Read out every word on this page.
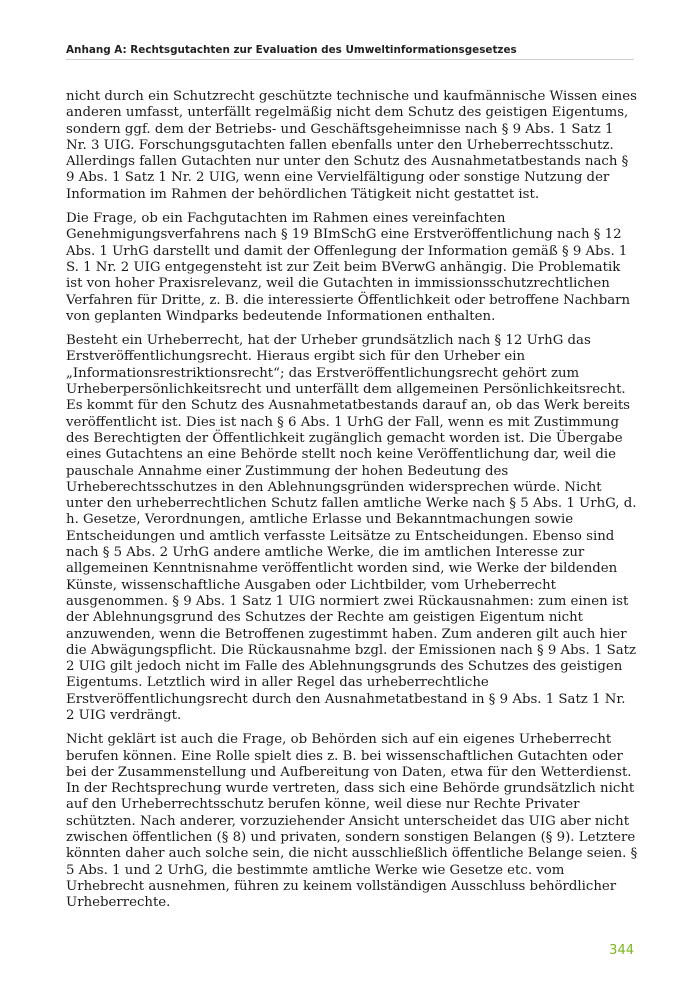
Anhang A: Rechtsgutachten zur Evaluation des Umweltinformationsgesetzes

nicht durch ein Schutzrecht geschützte technische und kaufmännische Wissen eines anderen umfasst, unterfällt regelmäßig nicht dem Schutz des geistigen Eigentums, sondern ggf. dem der Betriebs- und Geschäftsgeheimnisse nach § 9 Abs. 1 Satz 1 Nr. 3 UIG. Forschungsgutachten fallen ebenfalls unter den Urheberrechtsschutz. Allerdings fallen Gutachten nur unter den Schutz des Ausnahmetatbestands nach § 9 Abs. 1 Satz 1 Nr. 2 UIG, wenn eine Vervielfältigung oder sonstige Nutzung der Information im Rahmen der behördlichen Tätigkeit nicht gestattet ist.

Die Frage, ob ein Fachgutachten im Rahmen eines vereinfachten Genehmigungsverfahrens nach § 19 BImSchG eine Erstveröffentlichung nach § 12 Abs. 1 UrhG darstellt und damit der Offenlegung der Information gemäß § 9 Abs. 1 S. 1 Nr. 2 UIG entgegensteht ist zur Zeit beim BVerwG anhängig. Die Problematik ist von hoher Praxisrelevanz, weil die Gutachten in immissionsschutzrechtlichen Verfahren für Dritte, z. B. die interessierte Öffentlichkeit oder betroffene Nachbarn von geplanten Windparks bedeutende Informationen enthalten.

Besteht ein Urheberrecht, hat der Urheber grundsätzlich nach § 12 UrhG das Erstveröffentlichungsrecht. Hieraus ergibt sich für den Urheber ein „Informationsrestriktionsrecht“; das Erstveröffentlichungsrecht gehört zum Urheberpersönlichkeitsrecht und unterfällt dem allgemeinen Persönlichkeitsrecht. Es kommt für den Schutz des Ausnahmetatbestands darauf an, ob das Werk bereits veröffentlicht ist. Dies ist nach § 6 Abs. 1 UrhG der Fall, wenn es mit Zustimmung des Berechtigten der Öffentlichkeit zugänglich gemacht worden ist. Die Übergabe eines Gutachtens an eine Behörde stellt noch keine Veröffentlichung dar, weil die pauschale Annahme einer Zustimmung der hohen Bedeutung des Urheberechtsschutzes in den Ablehnungsgründen widersprechen würde. Nicht unter den urheberrechtlichen Schutz fallen amtliche Werke nach § 5 Abs. 1 UrhG, d. h. Gesetze, Verordnungen, amtliche Erlasse und Bekanntmachungen sowie Entscheidungen und amtlich verfasste Leitsätze zu Entscheidungen. Ebenso sind nach § 5 Abs. 2 UrhG andere amtliche Werke, die im amtlichen Interesse zur allgemeinen Kenntnisnahme veröffentlicht worden sind, wie Werke der bildenden Künste, wissenschaftliche Ausgaben oder Lichtbilder, vom Urheberrecht ausgenommen. § 9 Abs. 1 Satz 1 UIG normiert zwei Rückausnahmen: zum einen ist der Ablehnungsgrund des Schutzes der Rechte am geistigen Eigentum nicht anzuwenden, wenn die Betroffenen zugestimmt haben. Zum anderen gilt auch hier die Abwägungspflicht. Die Rückausnahme bzgl. der Emissionen nach § 9 Abs. 1 Satz 2 UIG gilt jedoch nicht im Falle des Ablehnungsgrunds des Schutzes des geistigen Eigentums. Letztlich wird in aller Regel das urheberrechtliche Erstveröffentlichungsrecht durch den Ausnahmetatbestand in § 9 Abs. 1 Satz 1 Nr. 2 UIG verdrängt.

Nicht geklärt ist auch die Frage, ob Behörden sich auf ein eigenes Urheberrecht berufen können. Eine Rolle spielt dies z. B. bei wissenschaftlichen Gutachten oder bei der Zusammenstellung und Aufbereitung von Daten, etwa für den Wetterdienst. In der Rechtsprechung wurde vertreten, dass sich eine Behörde grundsätzlich nicht auf den Urheberrechtsschutz berufen könne, weil diese nur Rechte Privater schützten. Nach anderer, vorzuziehender Ansicht unterscheidet das UIG aber nicht zwischen öffentlichen (§ 8) und privaten, sondern sonstigen Belangen (§ 9). Letztere könnten daher auch solche sein, die nicht ausschließlich öffentliche Belange seien. § 5 Abs. 1 und 2 UrhG, die bestimmte amtliche Werke wie Gesetze etc. vom Urhebrecht ausnehmen, führen zu keinem vollständigen Ausschluss behördlicher Urheberrechte.

344
